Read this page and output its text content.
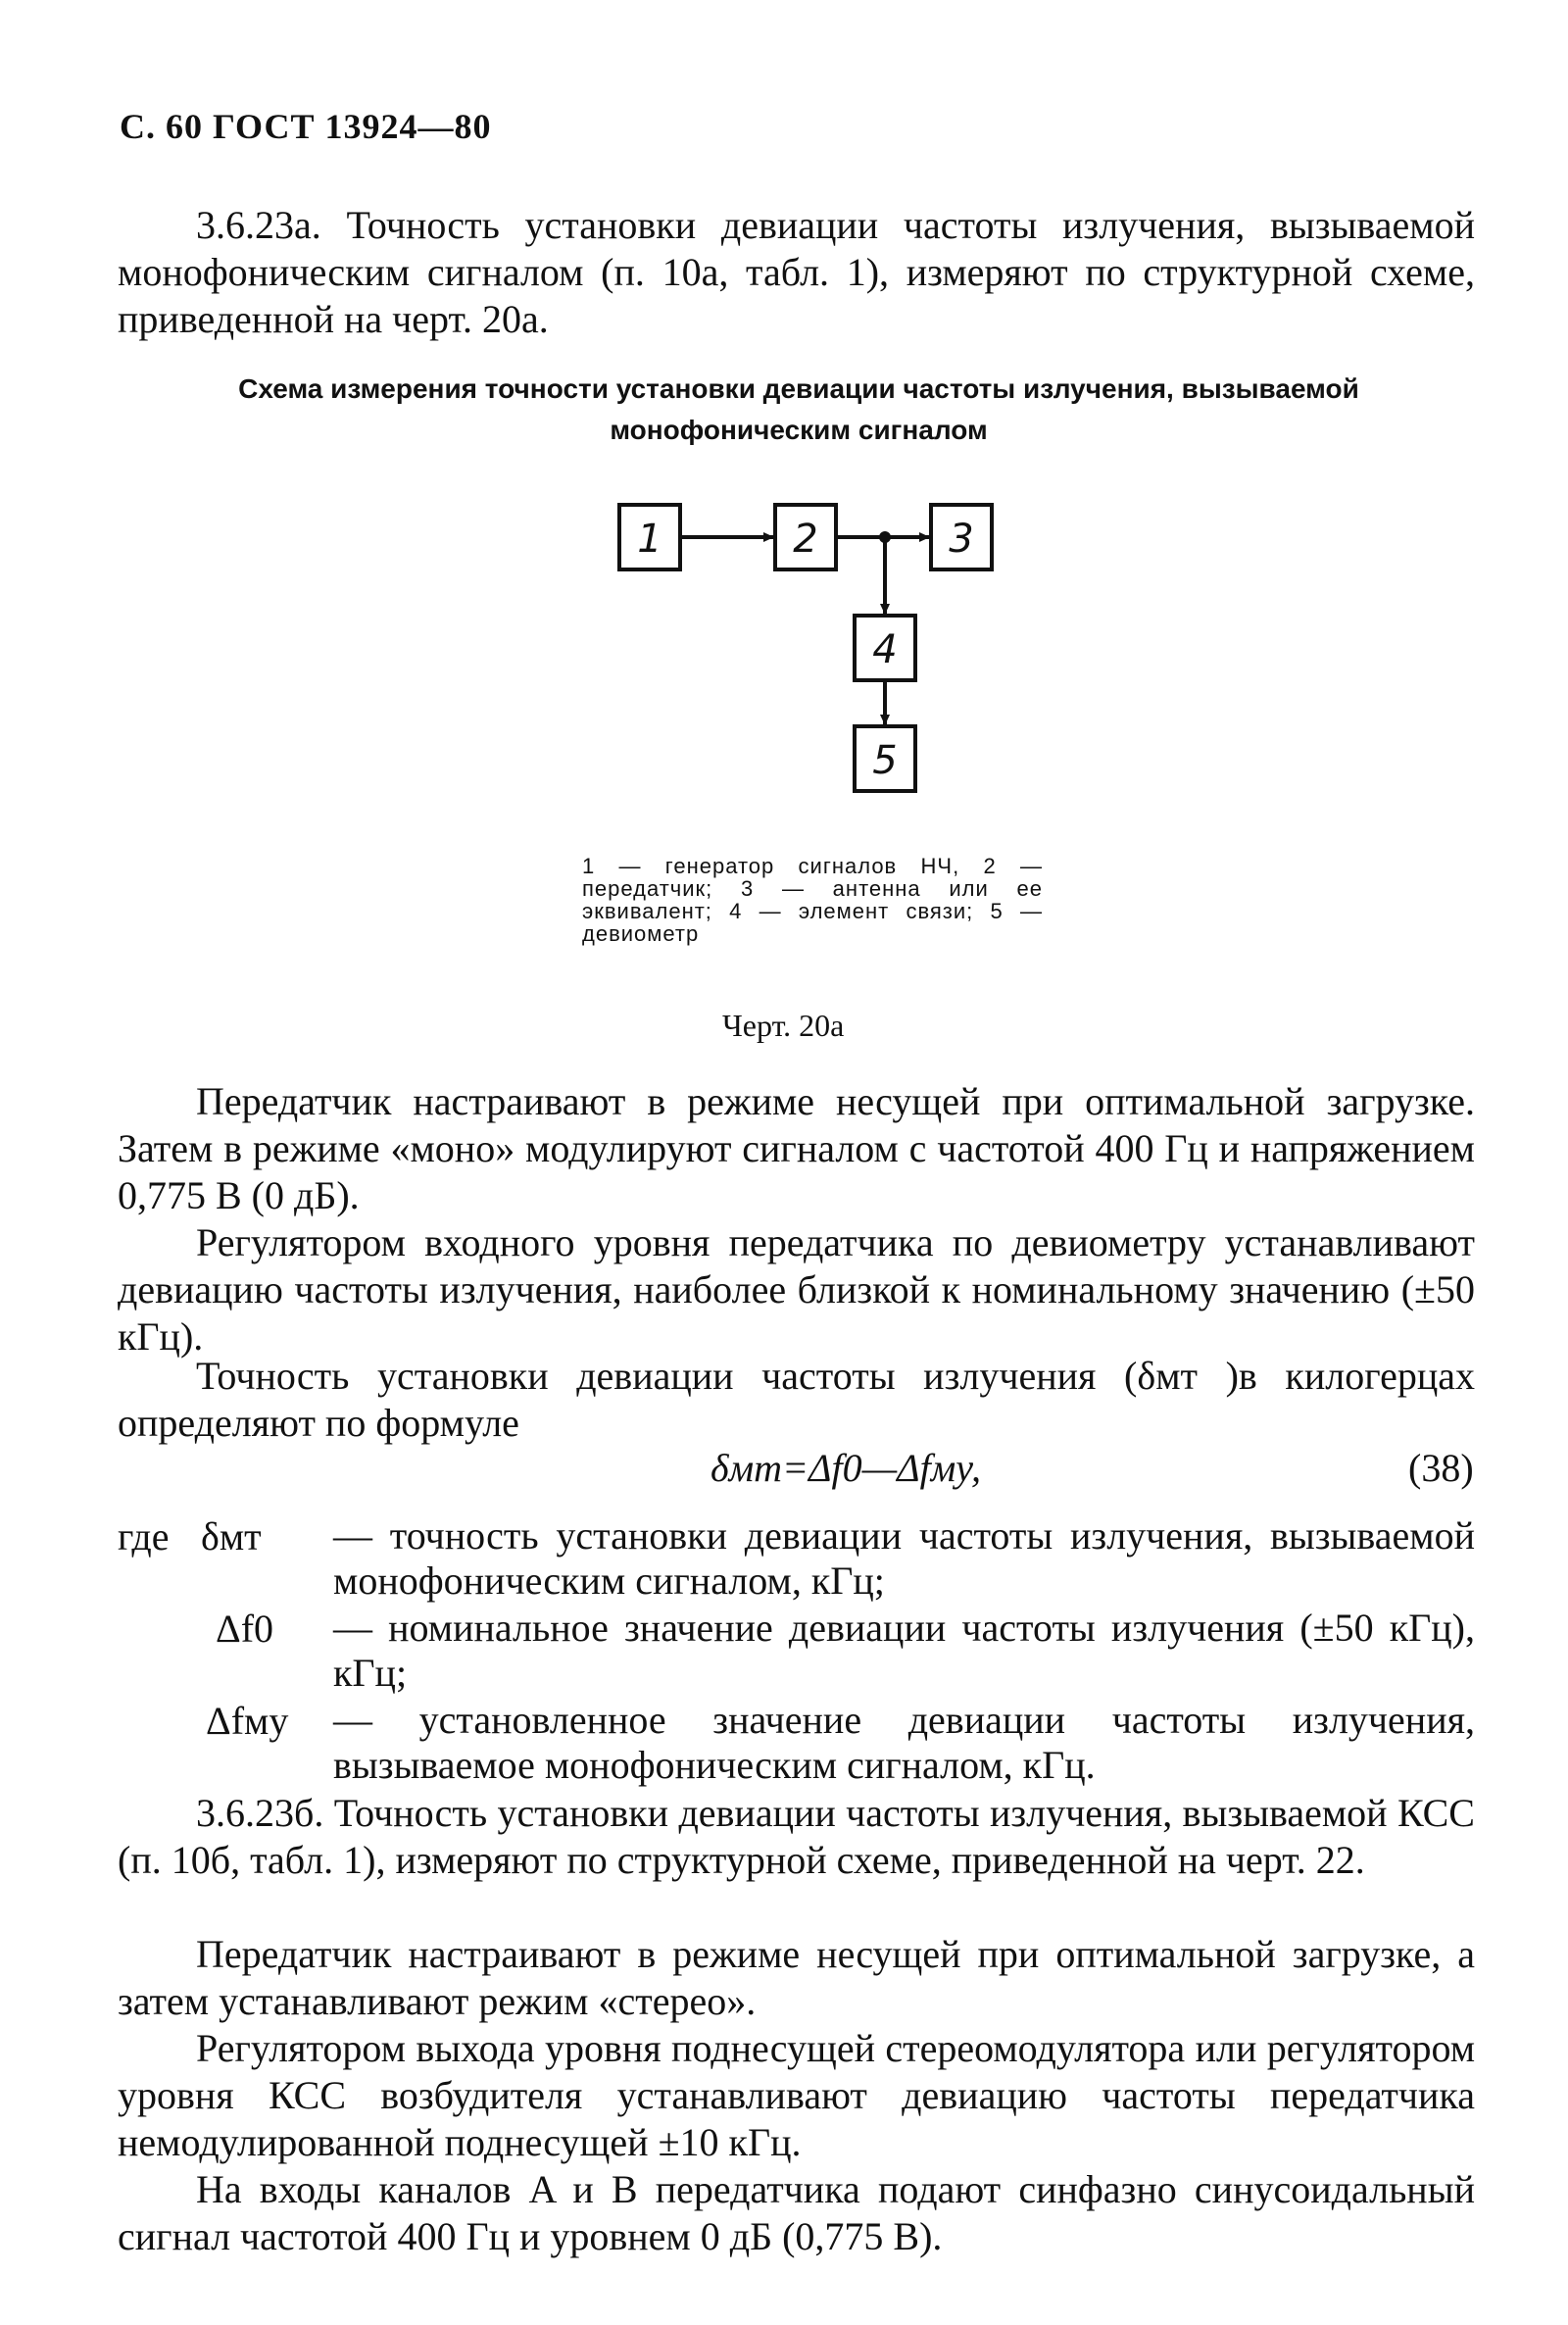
С. 60 ГОСТ 13924—80
3.6.23а. Точность установки девиации частоты излучения, вызываемой монофоническим сигналом (п. 10а, табл. 1), измеряют по структурной схеме, приведенной на черт. 20а.
Схема измерения точности установки девиации частоты излучения, вызываемой монофоническим сигналом
1	2	3
4
5
1 — генератор сигналов НЧ, 2 — передатчик; 3 — антенна или ее эквивалент; 4 — элемент связи; 5 — девиометр
Черт. 20а
Передатчик настраивают в режиме несущей при оптимальной загрузке. Затем в режиме «моно» модулируют сигналом с частотой 400 Гц и напряжением 0,775 В (0 дБ).
Регулятором входного уровня передатчика по девиометру устанавливают девиацию частоты излучения, наиболее близкой к номинальному значению (±50 кГц).
Точность установки девиации частоты излучения (δмт )в килогерцах определяют по формуле
δмт=Δf0—Δfму,	(38)
где δмт — точность установки девиации частоты излучения, вызываемой монофоническим сигналом, кГц;
Δf0 — номинальное значение девиации частоты излучения (±50 кГц), кГц;
Δfму — установленное значение девиации частоты излучения, вызываемое монофоническим сигналом, кГц.
3.6.23б. Точность установки девиации частоты излучения, вызываемой КСС (п. 10б, табл. 1), измеряют по структурной схеме, приведенной на черт. 22.
Передатчик настраивают в режиме несущей при оптимальной загрузке, а затем устанавливают режим «стерео».
Регулятором выхода уровня поднесущей стереомодулятора или регулятором уровня КСС возбудителя устанавливают девиацию частоты передатчика немодулированной поднесущей ±10 кГц.
На входы каналов A и B передатчика подают синфазно синусоидальный сигнал частотой 400 Гц и уровнем 0 дБ (0,775 В).
